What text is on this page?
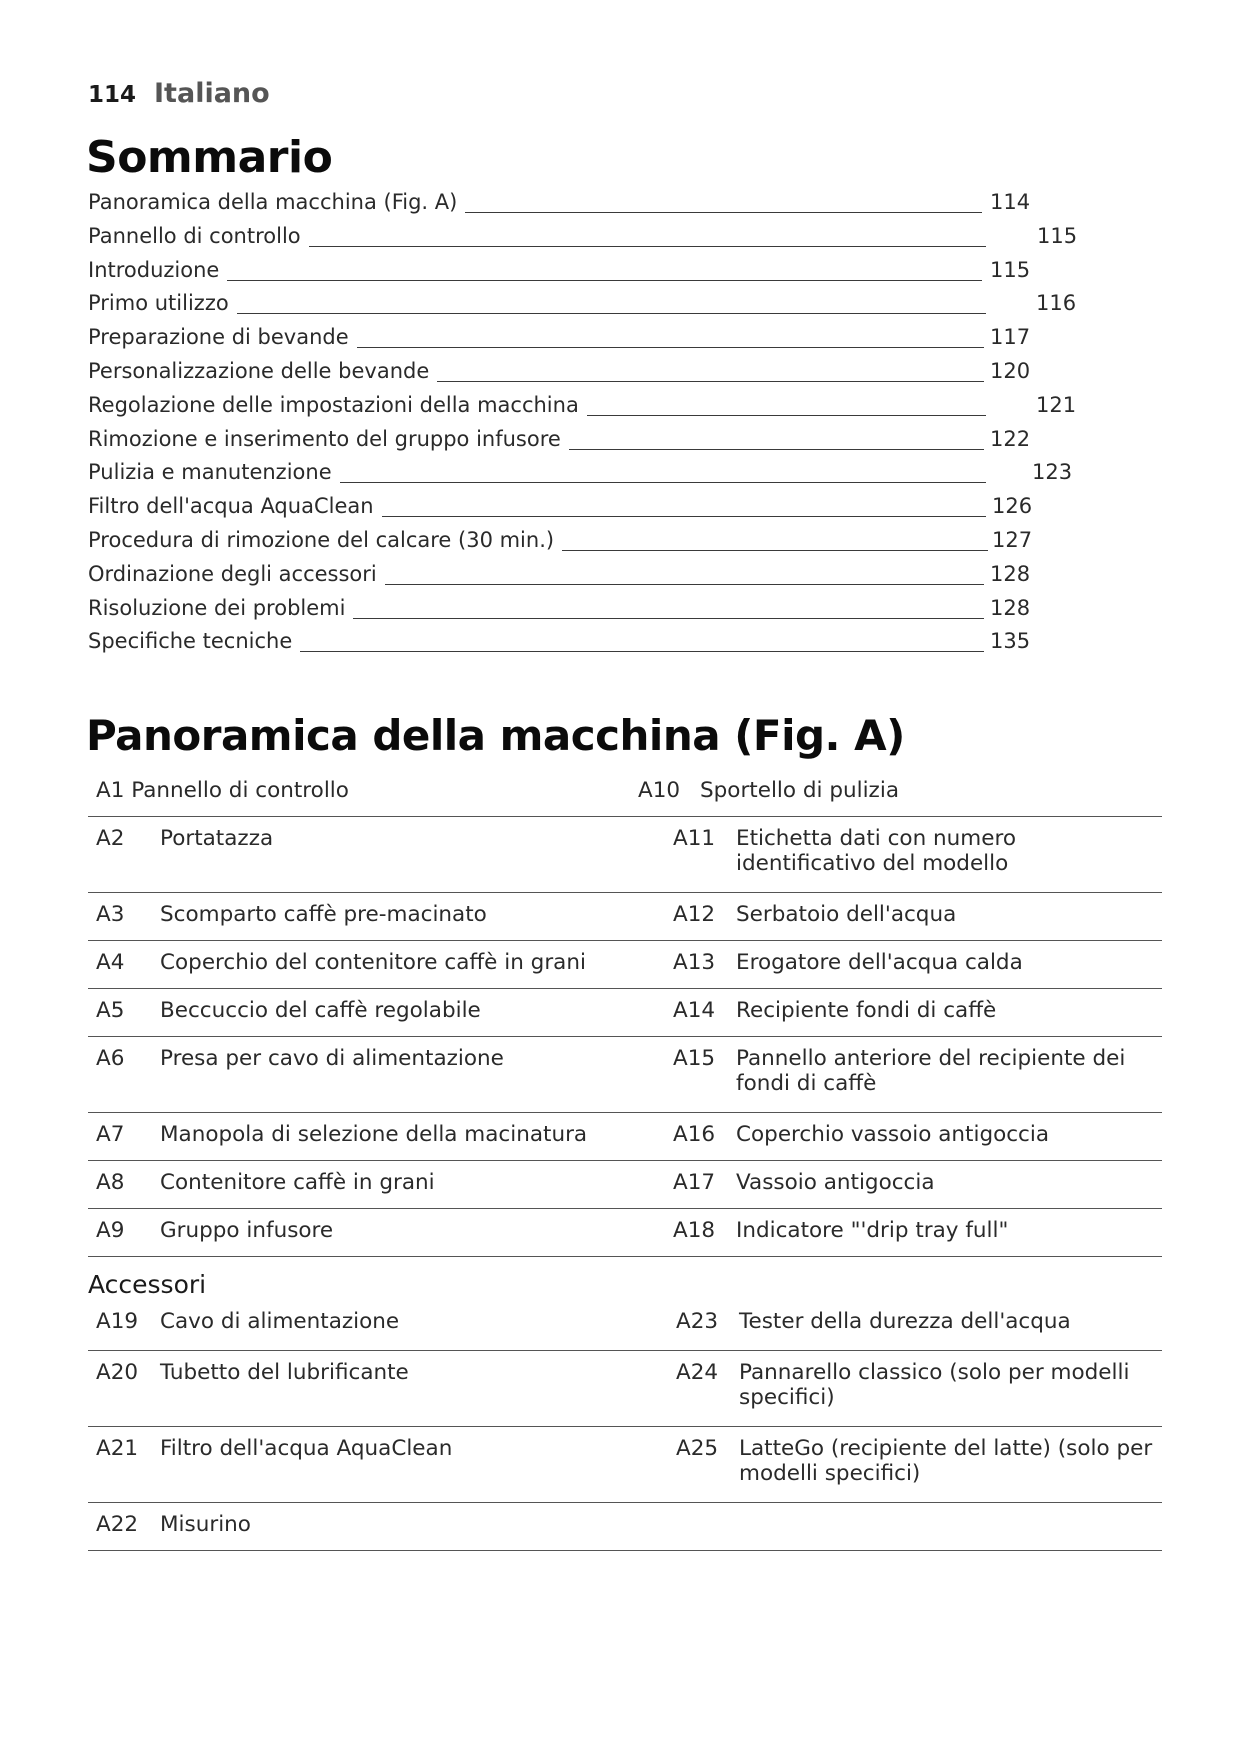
114 Italiano
Sommario
Panoramica della macchina (Fig. A)	114
Pannello di controllo	115
Introduzione	115
Primo utilizzo	116
Preparazione di bevande	117
Personalizzazione delle bevande	120
Regolazione delle impostazioni della macchina	121
Rimozione e inserimento del gruppo infusore	122
Pulizia e manutenzione	123
Filtro dell'acqua AquaClean	126
Procedura di rimozione del calcare (30 min.)	127
Ordinazione degli accessori	128
Risoluzione dei problemi	128
Specifiche tecniche	135
Panoramica della macchina (Fig. A)
A1 Pannello di controllo	A10 Sportello di pulizia
A2 Portatazza	A11 Etichetta dati con numero identificativo del modello
A3 Scomparto caffè pre-macinato	A12 Serbatoio dell'acqua
A4 Coperchio del contenitore caffè in grani	A13 Erogatore dell'acqua calda
A5 Beccuccio del caffè regolabile	A14 Recipiente fondi di caffè
A6 Presa per cavo di alimentazione	A15 Pannello anteriore del recipiente dei fondi di caffè
A7 Manopola di selezione della macinatura	A16 Coperchio vassoio antigoccia
A8 Contenitore caffè in grani	A17 Vassoio antigoccia
A9 Gruppo infusore	A18 Indicatore "'drip tray full"
Accessori
A19 Cavo di alimentazione	A23 Tester della durezza dell'acqua
A20 Tubetto del lubrificante	A24 Pannarello classico (solo per modelli specifici)
A21 Filtro dell'acqua AquaClean	A25 LatteGo (recipiente del latte) (solo per modelli specifici)
A22 Misurino
